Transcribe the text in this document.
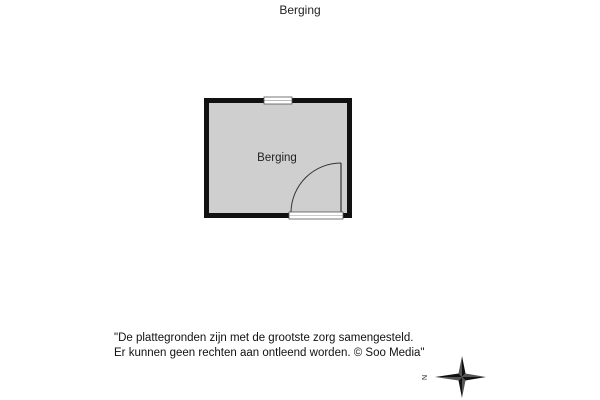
Berging
Berging
"De plattegronden zijn met de grootste zorg samengesteld.
Er kunnen geen rechten aan ontleend worden. © Soo Media"
N
